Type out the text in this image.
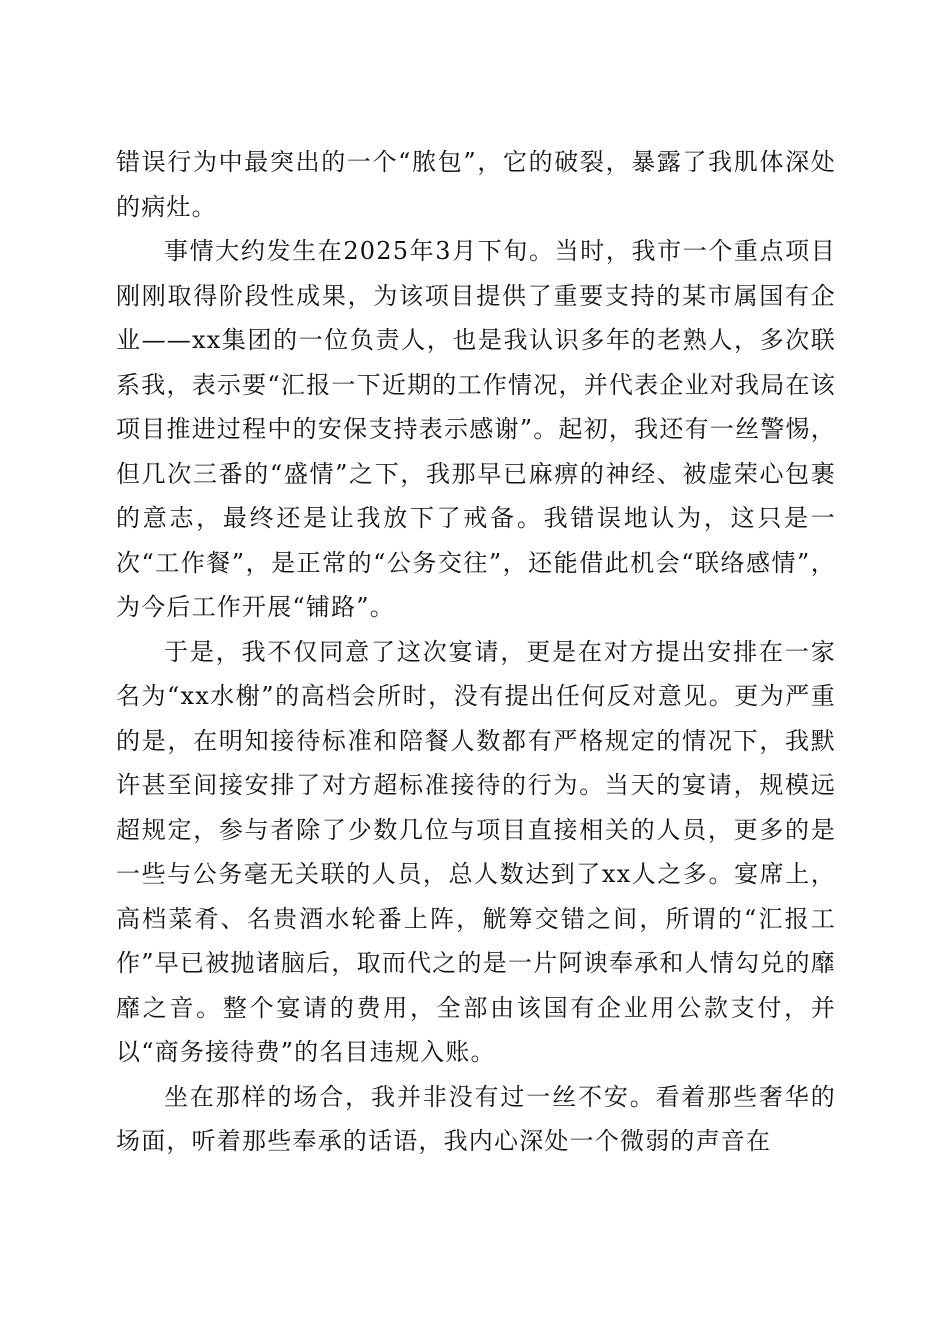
错误行为中最突出的一个“脓包”，它的破裂，暴露了我肌体深处的病灶。

事情大约发生在2025年3月下旬。当时，我市一个重点项目刚刚取得阶段性成果，为该项目提供了重要支持的某市属国有企业——xx集团的一位负责人，也是我认识多年的老熟人，多次联系我，表示要“汇报一下近期的工作情况，并代表企业对我局在该项目推进过程中的安保支持表示感谢”。起初，我还有一丝警惕，但几次三番的“盛情”之下，我那早已麻痹的神经、被虚荣心包裹的意志，最终还是让我放下了戒备。我错误地认为，这只是一次“工作餐”，是正常的“公务交往”，还能借此机会“联络感情”，为今后工作开展“铺路”。

于是，我不仅同意了这次宴请，更是在对方提出安排在一家名为“xx水榭”的高档会所时，没有提出任何反对意见。更为严重的是，在明知接待标准和陪餐人数都有严格规定的情况下，我默许甚至间接安排了对方超标准接待的行为。当天的宴请，规模远超规定，参与者除了少数几位与项目直接相关的人员，更多的是一些与公务毫无关联的人员，总人数达到了xx人之多。宴席上，高档菜肴、名贵酒水轮番上阵，觥筹交错之间，所谓的“汇报工作”早已被抛诸脑后，取而代之的是一片阿谀奉承和人情勾兑的靡靡之音。整个宴请的费用，全部由该国有企业用公款支付，并以“商务接待费”的名目违规入账。

坐在那样的场合，我并非没有过一丝不安。看着那些奢华的场面，听着那些奉承的话语，我内心深处一个微弱的声音在
